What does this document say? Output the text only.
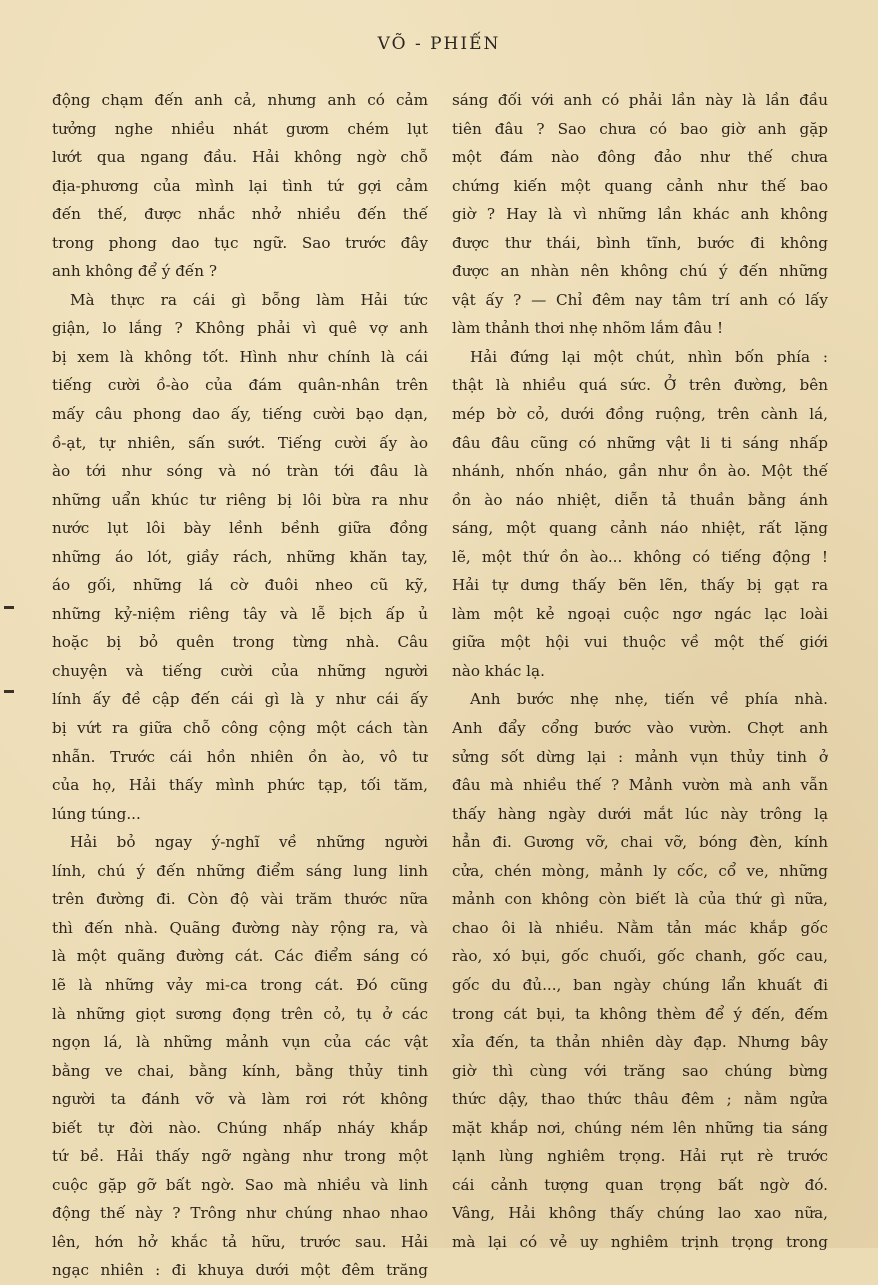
VÕ - PHIẾN
động chạm đến anh cả, nhưng anh có cảm
tưởng nghe nhiều nhát gươm chém lụt
lướt qua ngang đầu. Hải không ngờ chỗ
địa-phương của mình lại tình tứ gợi cảm
đến thế, được nhắc nhở nhiều đến thế
trong phong dao tục ngữ. Sao trước đây
anh không để ý đến ?
Mà thực ra cái gì bỗng làm Hải tức
giận, lo lắng ? Không phải vì quê vợ anh
bị xem là không tốt. Hình như chính là cái
tiếng cười ồ-ào của đám quân-nhân trên
mấy câu phong dao ấy, tiếng cười bạo dạn,
ồ-ạt, tự nhiên, sấn sướt. Tiếng cười ấy ào
ào tới như sóng và nó tràn tới đâu là
những uẩn khúc tư riêng bị lôi bừa ra như
nước lụt lôi bày lềnh bềnh giữa đồng
những áo lót, giầy rách, những khăn tay,
áo gối, những lá cờ đuôi nheo cũ kỹ,
những kỷ-niệm riêng tây và lễ bịch ấp ủ
hoặc bị bỏ quên trong từng nhà. Câu
chuyện và tiếng cười của những người
lính ấy đề cập đến cái gì là y như cái ấy
bị vứt ra giữa chỗ công cộng một cách tàn
nhẫn. Trước cái hồn nhiên ồn ào, vô tư
của họ, Hải thấy mình phức tạp, tối tăm,
lúng túng...
Hải bỏ ngay ý-nghĩ về những người
lính, chú ý đến những điểm sáng lung linh
trên đường đi. Còn độ vài trăm thước nữa
thì đến nhà. Quãng đường này rộng ra, và
là một quãng đường cát. Các điểm sáng có
lẽ là những vảy mi-ca trong cát. Đó cũng
là những giọt sương đọng trên cỏ, tụ ở các
ngọn lá, là những mảnh vụn của các vật
bằng ve chai, bằng kính, bằng thủy tinh
người ta đánh vỡ và làm rơi rớt không
biết tự đời nào. Chúng nhấp nháy khắp
tứ bề. Hải thấy ngỡ ngàng như trong một
cuộc gặp gỡ bất ngờ. Sao mà nhiều và linh
động thế này ? Trông như chúng nhao nhao
lên, hớn hở khắc tả hữu, trước sau. Hải
ngạc nhiên : đi khuya dưới một đêm trăng
sáng đối với anh có phải lần này là lần đầu
tiên đâu ? Sao chưa có bao giờ anh gặp
một đám nào đông đảo như thế chưa
chứng kiến một quang cảnh như thế bao
giờ ? Hay là vì những lần khác anh không
được thư thái, bình tĩnh, bước đi không
được an nhàn nên không chú ý đến những
vật ấy ? — Chỉ đêm nay tâm trí anh có lấy
làm thảnh thơi nhẹ nhõm lắm đâu !
Hải đứng lại một chút, nhìn bốn phía :
thật là nhiều quá sức. Ở trên đường, bên
mép bờ cỏ, dưới đồng ruộng, trên cành lá,
đâu đâu cũng có những vật li ti sáng nhấp
nhánh, nhốn nháo, gần như ồn ào. Một thế
ồn ào náo nhiệt, diễn tả thuần bằng ánh
sáng, một quang cảnh náo nhiệt, rất lặng
lẽ, một thứ ồn ào... không có tiếng động !
Hải tự dưng thấy bẽn lẽn, thấy bị gạt ra
làm một kẻ ngoại cuộc ngơ ngác lạc loài
giữa một hội vui thuộc về một thế giới
nào khác lạ.
Anh bước nhẹ nhẹ, tiến về phía nhà.
Anh đẩy cổng bước vào vườn. Chợt anh
sửng sốt dừng lại : mảnh vụn thủy tinh ở
đâu mà nhiều thế ? Mảnh vườn mà anh vẫn
thấy hàng ngày dưới mắt lúc này trông lạ
hẳn đi. Gương vỡ, chai vỡ, bóng đèn, kính
cửa, chén mòng, mảnh ly cốc, cổ ve, những
mảnh con không còn biết là của thứ gì nữa,
chao ôi là nhiều. Nằm tản mác khắp gốc
rào, xó bụi, gốc chuối, gốc chanh, gốc cau,
gốc du đủ..., ban ngày chúng lẩn khuất đi
trong cát bụi, ta không thèm để ý đến, đếm
xỉa đến, ta thản nhiên dày đạp. Nhưng bây
giờ thì cùng với trăng sao chúng bừng
thức dậy, thao thức thâu đêm ; nằm ngửa
mặt khắp nơi, chúng ném lên những tia sáng
lạnh lùng nghiêm trọng. Hải rụt rè trước
cái cảnh tượng quan trọng bất ngờ đó.
Vâng, Hải không thấy chúng lao xao nữa,
mà lại có vẻ uy nghiêm trịnh trọng trong
